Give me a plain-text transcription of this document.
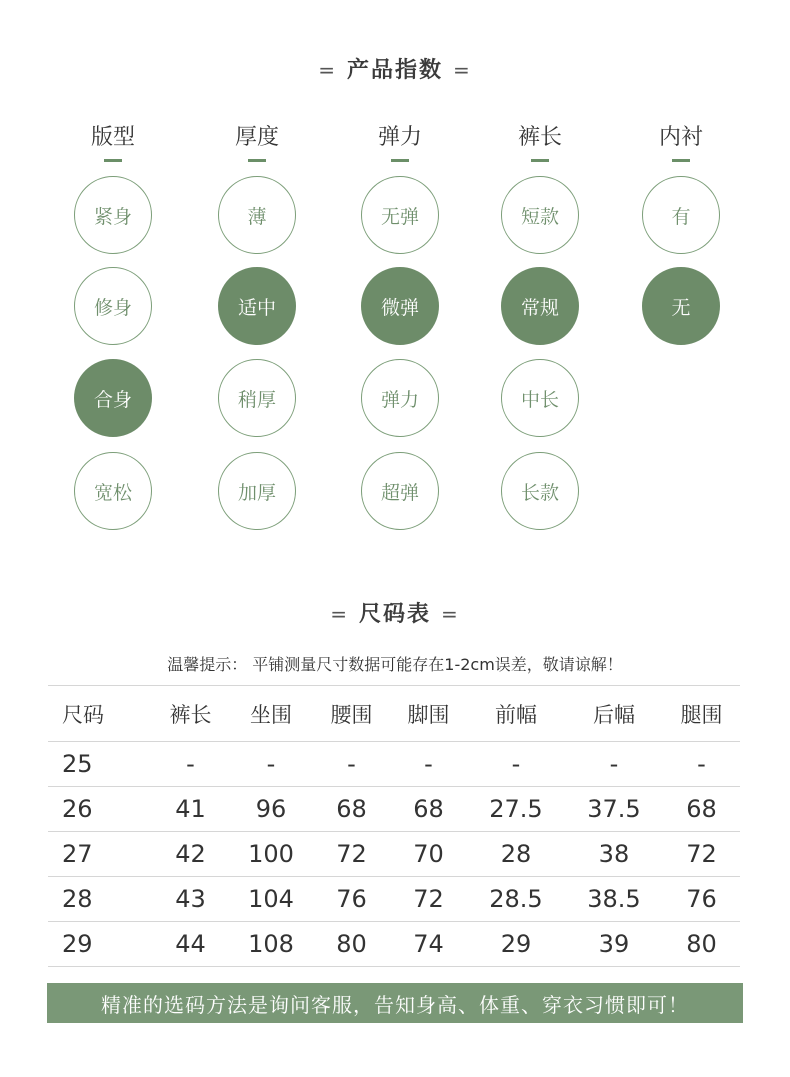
= 产品指数 =
版型
紧身
修身
合身
宽松
厚度
薄
适中
稍厚
加厚
弹力
无弹
微弹
弹力
超弹
裤长
短款
常规
中长
长款
内衬
有
无
= 尺码表 =
温馨提示： 平铺测量尺寸数据可能存在1-2cm误差，敬请谅解！
尺码	裤长	坐围	腰围	脚围	前幅	后幅	腿围
25	-	-	-	-	-	-	-
26	41	96	68	68	27.5	37.5	68
27	42	100	72	70	28	38	72
28	43	104	76	72	28.5	38.5	76
29	44	108	80	74	29	39	80
精准的选码方法是询问客服，告知身高、体重、穿衣习惯即可！
